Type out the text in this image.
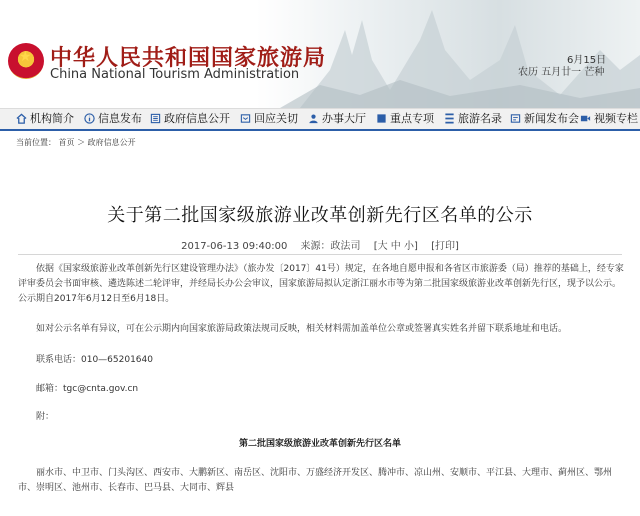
★ 中华人民共和国国家旅游局
China National Tourism Administration
6月15日
农历 五月廿一 芒种
机构简介	信息发布	政府信息公开	回应关切	办事大厅	重点专项	旅游名录	新闻发布会	视频专栏
当前位置： 首页 ＞ 政府信息公开
关于第二批国家级旅游业改革创新先行区名单的公示
2017-06-13 09:40:00 来源：政法司 [大 中 小] [打印]
依据《国家级旅游业改革创新先行区建设管理办法》（旅办发〔2017〕41号）规定，在各地自愿申报和各省区市旅游委（局）推荐的基础上，经专家评审委员会书面审核、遴选陈述二轮评审，并经局长办公会审议，国家旅游局拟认定浙江丽水市等为第二批国家级旅游业改革创新先行区，现予以公示。公示期自2017年6月12日至6月18日。
如对公示名单有异议，可在公示期内向国家旅游局政策法规司反映，相关材料需加盖单位公章或签署真实姓名并留下联系地址和电话。
联系电话：010—65201640
邮箱：tgc@cnta.gov.cn
附：
第二批国家级旅游业改革创新先行区名单
丽水市、中卫市、门头沟区、西安市、大鹏新区、南岳区、沈阳市、万盛经济开发区、腾冲市、凉山州、安顺市、平江县、大理市、蓟州区、鄂州市、崇明区、池州市、长春市、巴马县、大同市、辉县
